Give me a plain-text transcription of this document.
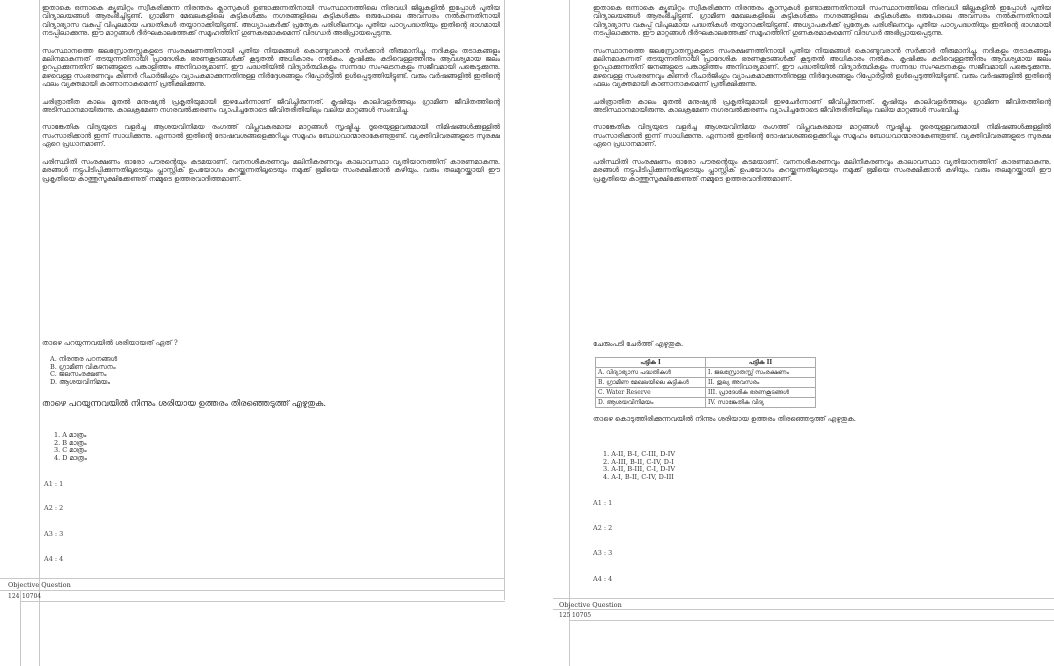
ഇതാകെ ഒന്നാകെ ക്യൂബിറ്റം സ്വീകരിക്കുന്ന നിരന്തരം ക്ലാസുകൾ ഉണ്ടാക്കുന്നതിനായി സംസ്ഥാനത്തിലെ നിരവധി ജില്ലകളിൽ ഇപ്പോൾ പുതിയ വിദ്യാലയങ്ങൾ ആരംഭിച്ചിട്ടുണ്ട്. ഗ്രാമീണ മേഖലകളിലെ കുട്ടികൾക്കും നഗരങ്ങളിലെ കുട്ടികൾക്കും ഒരുപോലെ അവസരം നൽകുന്നതിനായി വിദ്യാഭ്യാസ വകുപ്പ് വിപുലമായ പദ്ധതികൾ തയ്യാറാക്കിയിട്ടുണ്ട്. അധ്യാപകർക്ക് പ്രത്യേക പരിശീലനവും പുതിയ പാഠ്യപദ്ധതിയും ഇതിന്റെ ഭാഗമായി നടപ്പിലാക്കുന്നു. ഈ മാറ്റങ്ങൾ ദീർഘകാലത്തേക്ക് സമൂഹത്തിന് ഗുണകരമാകുമെന്ന് വിദഗ്ധർ അഭിപ്രായപ്പെടുന്നു.

സംസ്ഥാനത്തെ ജലസ്രോതസ്സുകളുടെ സംരക്ഷണത്തിനായി പുതിയ നിയമങ്ങൾ കൊണ്ടുവരാൻ സർക്കാർ തീരുമാനിച്ചു. നദികളും തടാകങ്ങളും മലിനമാകുന്നത് തടയുന്നതിനായി പ്രാദേശിക ഭരണകൂടങ്ങൾക്ക് കൂടുതൽ അധികാരം നൽകും. കൃഷിക്കും കുടിവെള്ളത്തിനും ആവശ്യമായ ജലം ഉറപ്പാക്കുന്നതിന് ജനങ്ങളുടെ പങ്കാളിത്തം അനിവാര്യമാണ്. ഈ പദ്ധതിയിൽ വിദ്യാർത്ഥികളും സന്നദ്ധ സംഘടനകളും സജീവമായി പങ്കെടുക്കുന്നു. മഴവെള്ള സംഭരണവും കിണർ റീചാർജിംഗും വ്യാപകമാക്കുന്നതിനുള്ള നിർദ്ദേശങ്ങളും റിപ്പോർട്ടിൽ ഉൾപ്പെടുത്തിയിട്ടുണ്ട്. വരും വർഷങ്ങളിൽ ഇതിന്റെ ഫലം വ്യക്തമായി കാണാനാകുമെന്ന് പ്രതീക്ഷിക്കുന്നു.

ചരിത്രാതീത കാലം മുതൽ മനുഷ്യൻ പ്രകൃതിയുമായി ഇഴചേർന്നാണ് ജീവിച്ചിരുന്നത്. കൃഷിയും കാലിവളർത്തലും ഗ്രാമീണ ജീവിതത്തിന്റെ അടിസ്ഥാനമായിരുന്നു. കാലക്രമേണ നഗരവൽക്കരണം വ്യാപിച്ചതോടെ ജീവിതരീതിയിലും വലിയ മാറ്റങ്ങൾ സംഭവിച്ചു.

സാങ്കേതിക വിദ്യയുടെ വളർച്ച ആശയവിനിമയ രംഗത്ത് വിപ്ലവകരമായ മാറ്റങ്ങൾ സൃഷ്ടിച്ചു. ദൂരെയുള്ളവരുമായി നിമിഷങ്ങൾക്കുള്ളിൽ സംസാരിക്കാൻ ഇന്ന് സാധിക്കുന്നു. എന്നാൽ ഇതിന്റെ ദോഷവശങ്ങളെക്കുറിച്ചും സമൂഹം ബോധവാന്മാരാകേണ്ടതുണ്ട്. വ്യക്തിവിവരങ്ങളുടെ സുരക്ഷ ഏറെ പ്രധാനമാണ്.

പരിസ്ഥിതി സംരക്ഷണം ഓരോ പൗരന്റെയും കടമയാണ്. വനനശീകരണവും മലിനീകരണവും കാലാവസ്ഥാ വ്യതിയാനത്തിന് കാരണമാകുന്നു. മരങ്ങൾ നട്ടുപിടിപ്പിക്കുന്നതിലൂടെയും പ്ലാസ്റ്റിക് ഉപയോഗം കുറയ്ക്കുന്നതിലൂടെയും നമുക്ക് ഭൂമിയെ സംരക്ഷിക്കാൻ കഴിയും. വരും തലമുറയ്ക്കായി ഈ പ്രകൃതിയെ കാത്തുസൂക്ഷിക്കേണ്ടത് നമ്മുടെ ഉത്തരവാദിത്തമാണ്.

താഴെ പറയുന്നവയിൽ ശരിയായത് ഏത് ?
A. നിരന്തര പഠനങ്ങൾ
B. ഗ്രാമീണ വികസനം
C. ജലസംരക്ഷണം
D. ആശയവിനിമയം
താഴെ പറയുന്നവയിൽ നിന്നും ശരിയായ ഉത്തരം തിരഞ്ഞെടുത്ത് എഴുതുക.
1. A മാത്രം
2. B മാത്രം
3. C മാത്രം
4. D മാത്രം
A1 : 1
A2 : 2
A3 : 3
A4 : 4
Objective Question
124 10704

ഇതാകെ ഒന്നാകെ ക്യൂബിറ്റം സ്വീകരിക്കുന്ന നിരന്തരം ക്ലാസുകൾ ഉണ്ടാക്കുന്നതിനായി സംസ്ഥാനത്തിലെ നിരവധി ജില്ലകളിൽ ഇപ്പോൾ പുതിയ വിദ്യാലയങ്ങൾ ആരംഭിച്ചിട്ടുണ്ട്. ഗ്രാമീണ മേഖലകളിലെ കുട്ടികൾക്കും നഗരങ്ങളിലെ കുട്ടികൾക്കും ഒരുപോലെ അവസരം നൽകുന്നതിനായി വിദ്യാഭ്യാസ വകുപ്പ് വിപുലമായ പദ്ധതികൾ തയ്യാറാക്കിയിട്ടുണ്ട്. അധ്യാപകർക്ക് പ്രത്യേക പരിശീലനവും പുതിയ പാഠ്യപദ്ധതിയും ഇതിന്റെ ഭാഗമായി നടപ്പിലാക്കുന്നു. ഈ മാറ്റങ്ങൾ ദീർഘകാലത്തേക്ക് സമൂഹത്തിന് ഗുണകരമാകുമെന്ന് വിദഗ്ധർ അഭിപ്രായപ്പെടുന്നു.

സംസ്ഥാനത്തെ ജലസ്രോതസ്സുകളുടെ സംരക്ഷണത്തിനായി പുതിയ നിയമങ്ങൾ കൊണ്ടുവരാൻ സർക്കാർ തീരുമാനിച്ചു. നദികളും തടാകങ്ങളും മലിനമാകുന്നത് തടയുന്നതിനായി പ്രാദേശിക ഭരണകൂടങ്ങൾക്ക് കൂടുതൽ അധികാരം നൽകും. കൃഷിക്കും കുടിവെള്ളത്തിനും ആവശ്യമായ ജലം ഉറപ്പാക്കുന്നതിന് ജനങ്ങളുടെ പങ്കാളിത്തം അനിവാര്യമാണ്. ഈ പദ്ധതിയിൽ വിദ്യാർത്ഥികളും സന്നദ്ധ സംഘടനകളും സജീവമായി പങ്കെടുക്കുന്നു. മഴവെള്ള സംഭരണവും കിണർ റീചാർജിംഗും വ്യാപകമാക്കുന്നതിനുള്ള നിർദ്ദേശങ്ങളും റിപ്പോർട്ടിൽ ഉൾപ്പെടുത്തിയിട്ടുണ്ട്. വരും വർഷങ്ങളിൽ ഇതിന്റെ ഫലം വ്യക്തമായി കാണാനാകുമെന്ന് പ്രതീക്ഷിക്കുന്നു.

ചരിത്രാതീത കാലം മുതൽ മനുഷ്യൻ പ്രകൃതിയുമായി ഇഴചേർന്നാണ് ജീവിച്ചിരുന്നത്. കൃഷിയും കാലിവളർത്തലും ഗ്രാമീണ ജീവിതത്തിന്റെ അടിസ്ഥാനമായിരുന്നു. കാലക്രമേണ നഗരവൽക്കരണം വ്യാപിച്ചതോടെ ജീവിതരീതിയിലും വലിയ മാറ്റങ്ങൾ സംഭവിച്ചു.

സാങ്കേതിക വിദ്യയുടെ വളർച്ച ആശയവിനിമയ രംഗത്ത് വിപ്ലവകരമായ മാറ്റങ്ങൾ സൃഷ്ടിച്ചു. ദൂരെയുള്ളവരുമായി നിമിഷങ്ങൾക്കുള്ളിൽ സംസാരിക്കാൻ ഇന്ന് സാധിക്കുന്നു. എന്നാൽ ഇതിന്റെ ദോഷവശങ്ങളെക്കുറിച്ചും സമൂഹം ബോധവാന്മാരാകേണ്ടതുണ്ട്. വ്യക്തിവിവരങ്ങളുടെ സുരക്ഷ ഏറെ പ്രധാനമാണ്.

പരിസ്ഥിതി സംരക്ഷണം ഓരോ പൗരന്റെയും കടമയാണ്. വനനശീകരണവും മലിനീകരണവും കാലാവസ്ഥാ വ്യതിയാനത്തിന് കാരണമാകുന്നു. മരങ്ങൾ നട്ടുപിടിപ്പിക്കുന്നതിലൂടെയും പ്ലാസ്റ്റിക് ഉപയോഗം കുറയ്ക്കുന്നതിലൂടെയും നമുക്ക് ഭൂമിയെ സംരക്ഷിക്കാൻ കഴിയും. വരും തലമുറയ്ക്കായി ഈ പ്രകൃതിയെ കാത്തുസൂക്ഷിക്കേണ്ടത് നമ്മുടെ ഉത്തരവാദിത്തമാണ്.

ചേരുംപടി ചേർത്ത് എഴുതുക.
പട്ടിക I	പട്ടിക II
A. വിദ്യാഭ്യാസ പദ്ധതികൾ	I. ജലസ്രോതസ്സ് സംരക്ഷണം
B. ഗ്രാമീണ മേഖലയിലെ കുട്ടികൾ	II. തുല്യ അവസരം
C. Water Reserve	III. പ്രാദേശിക ഭരണകൂടങ്ങൾ
D. ആശയവിനിമയം	IV. സാങ്കേതിക വിദ്യ
താഴെ കൊടുത്തിരിക്കുന്നവയിൽ നിന്നും ശരിയായ ഉത്തരം തിരഞ്ഞെടുത്ത് എഴുതുക.
1. A-II, B-I, C-III, D-IV
2. A-III, B-II, C-IV, D-I
3. A-II, B-III, C-I, D-IV
4. A-I, B-II, C-IV, D-III
A1 : 1
A2 : 2
A3 : 3
A4 : 4
Objective Question
125 10705
